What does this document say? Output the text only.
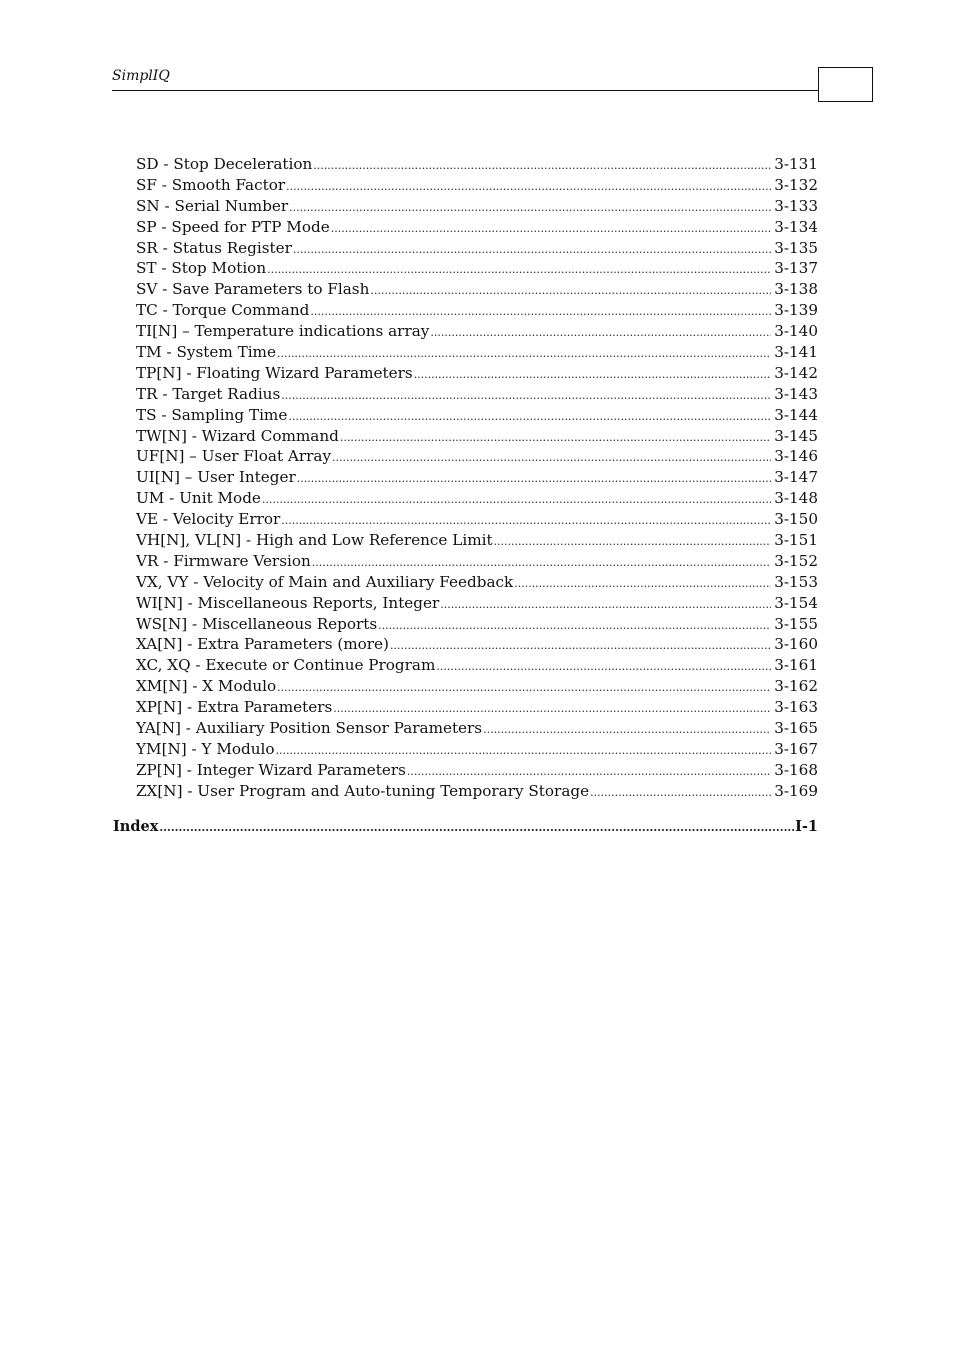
SimplIQ
SD - Stop Deceleration .....	3-131
SF - Smooth Factor .....	3-132
SN - Serial Number .....	3-133
SP - Speed for PTP Mode .....	3-134
SR - Status Register .....	3-135
ST - Stop Motion .....	3-137
SV - Save Parameters to Flash .....	3-138
TC - Torque Command .....	3-139
TI[N] – Temperature indications array .....	3-140
TM - System Time .....	3-141
TP[N] - Floating Wizard Parameters .....	3-142
TR - Target Radius .....	3-143
TS - Sampling Time .....	3-144
TW[N] - Wizard Command .....	3-145
UF[N] – User Float Array .....	3-146
UI[N] – User Integer .....	3-147
UM - Unit Mode .....	3-148
VE - Velocity Error .....	3-150
VH[N], VL[N] - High and Low Reference Limit .....	3-151
VR - Firmware Version .....	3-152
VX, VY - Velocity of Main and Auxiliary Feedback .....	3-153
WI[N] - Miscellaneous Reports, Integer .....	3-154
WS[N] - Miscellaneous Reports .....	3-155
XA[N] - Extra Parameters (more) .....	3-160
XC, XQ - Execute or Continue Program .....	3-161
XM[N] - X Modulo .....	3-162
XP[N] - Extra Parameters .....	3-163
YA[N] - Auxiliary Position Sensor Parameters .....	3-165
YM[N] - Y Modulo .....	3-167
ZP[N] - Integer Wizard Parameters .....	3-168
ZX[N] - User Program and Auto-tuning Temporary Storage .....	3-169
Index .....	I-1
